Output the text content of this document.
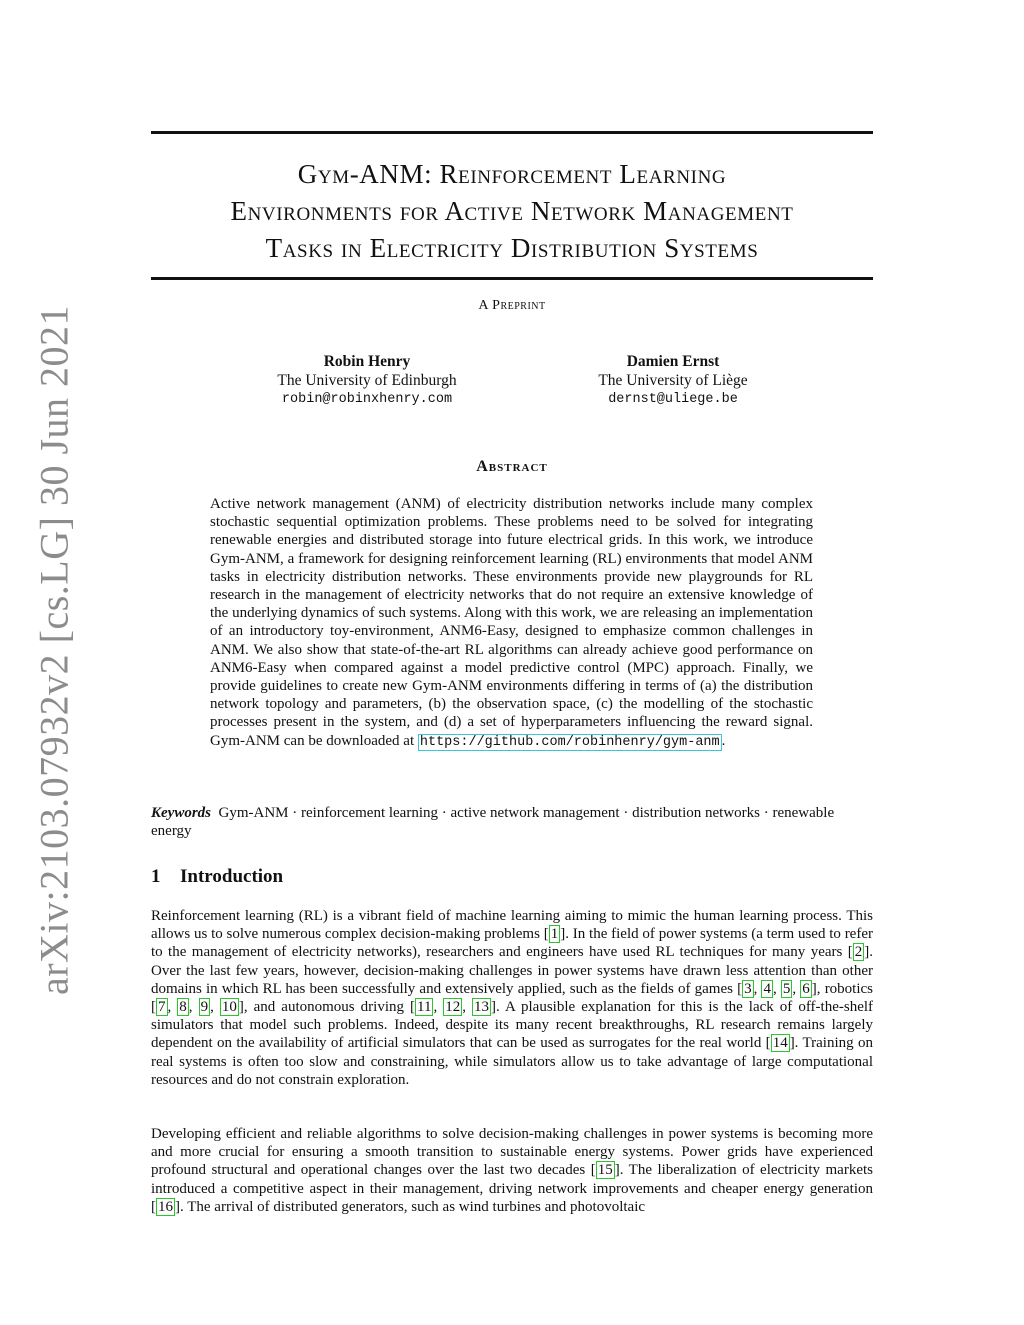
arXiv:2103.07932v2 [cs.LG] 30 Jun 2021
Gym-ANM: Reinforcement Learning
Environments for Active Network Management
Tasks in Electricity Distribution Systems
A Preprint
Robin Henry
The University of Edinburgh
robin@robinxhenry.com
Damien Ernst
The University of Liège
dernst@uliege.be
Abstract

Active network management (ANM) of electricity distribution networks include many complex stochastic sequential optimization problems. These problems need to be solved for integrating renewable energies and distributed storage into future electrical grids. In this work, we introduce Gym-ANM, a framework for designing reinforcement learning (RL) environments that model ANM tasks in electricity distribution networks. These environments provide new playgrounds for RL research in the management of electricity networks that do not require an extensive knowledge of the underlying dynamics of such systems. Along with this work, we are releasing an implementation of an introductory toy-environment, ANM6-Easy, designed to emphasize common challenges in ANM. We also show that state-of-the-art RL algorithms can already achieve good performance on ANM6-Easy when compared against a model predictive control (MPC) approach. Finally, we provide guidelines to create new Gym-ANM environments differing in terms of (a) the distribution network topology and parameters, (b) the observation space, (c) the modelling of the stochastic processes present in the system, and (d) a set of hyperparameters influencing the reward signal. Gym-ANM can be downloaded at https://github.com/robinhenry/gym-anm .

Keywords Gym-ANM · reinforcement learning · active network management · distribution networks · renewable energy

1 Introduction

Reinforcement learning (RL) is a vibrant field of machine learning aiming to mimic the human learning process. This allows us to solve numerous complex decision-making problems [ 1 ]. In the field of power systems (a term used to refer to the management of electricity networks), researchers and engineers have used RL techniques for many years [ 2 ]. Over the last few years, however, decision-making challenges in power systems have drawn less attention than other domains in which RL has been successfully and extensively applied, such as the fields of games [ 3 , 4 , 5 , 6 ], robotics [ 7 , 8 , 9 , 10 ], and autonomous driving [ 11 , 12 , 13 ]. A plausible explanation for this is the lack of off-the-shelf simulators that model such problems. Indeed, despite its many recent breakthroughs, RL research remains largely dependent on the availability of artificial simulators that can be used as surrogates for the real world [ 14 ]. Training on real systems is often too slow and constraining, while simulators allow us to take advantage of large computational resources and do not constrain exploration.

Developing efficient and reliable algorithms to solve decision-making challenges in power systems is becoming more and more crucial for ensuring a smooth transition to sustainable energy systems. Power grids have experienced profound structural and operational changes over the last two decades [ 15 ]. The liberalization of electricity markets introduced a competitive aspect in their management, driving network improvements and cheaper energy generation [ 16 ]. The arrival of distributed generators, such as wind turbines and photovoltaic
